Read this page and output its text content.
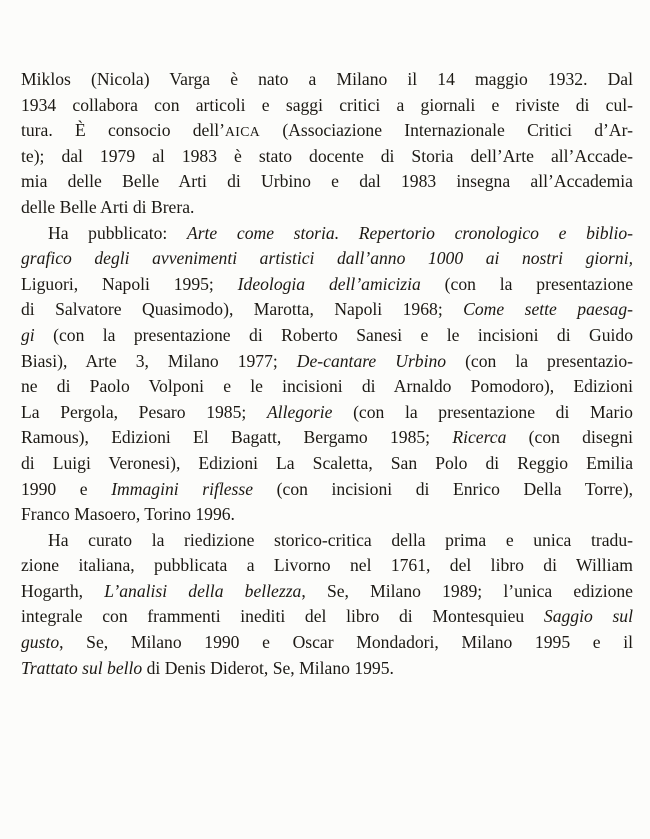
Miklos (Nicola) Varga è nato a Milano il 14 maggio 1932. Dal
1934 collabora con articoli e saggi critici a giornali e riviste di cul-
tura. È consocio dell’AICA (Associazione Internazionale Critici d’Ar-
te); dal 1979 al 1983 è stato docente di Storia dell’Arte all’Accade-
mia delle Belle Arti di Urbino e dal 1983 insegna all’Accademia
delle Belle Arti di Brera.
Ha pubblicato: Arte come storia. Repertorio cronologico e biblio-
grafico degli avvenimenti artistici dall’anno 1000 ai nostri giorni,
Liguori, Napoli 1995; Ideologia dell’amicizia (con la presentazione
di Salvatore Quasimodo), Marotta, Napoli 1968; Come sette paesag-
gi (con la presentazione di Roberto Sanesi e le incisioni di Guido
Biasi), Arte 3, Milano 1977; De-cantare Urbino (con la presentazio-
ne di Paolo Volponi e le incisioni di Arnaldo Pomodoro), Edizioni
La Pergola, Pesaro 1985; Allegorie (con la presentazione di Mario
Ramous), Edizioni El Bagatt, Bergamo 1985; Ricerca (con disegni
di Luigi Veronesi), Edizioni La Scaletta, San Polo di Reggio Emilia
1990 e Immagini riflesse (con incisioni di Enrico Della Torre),
Franco Masoero, Torino 1996.
Ha curato la riedizione storico-critica della prima e unica tradu-
zione italiana, pubblicata a Livorno nel 1761, del libro di William
Hogarth, L’analisi della bellezza, Se, Milano 1989; l’unica edizione
integrale con frammenti inediti del libro di Montesquieu Saggio sul
gusto, Se, Milano 1990 e Oscar Mondadori, Milano 1995 e il
Trattato sul bello di Denis Diderot, Se, Milano 1995.
